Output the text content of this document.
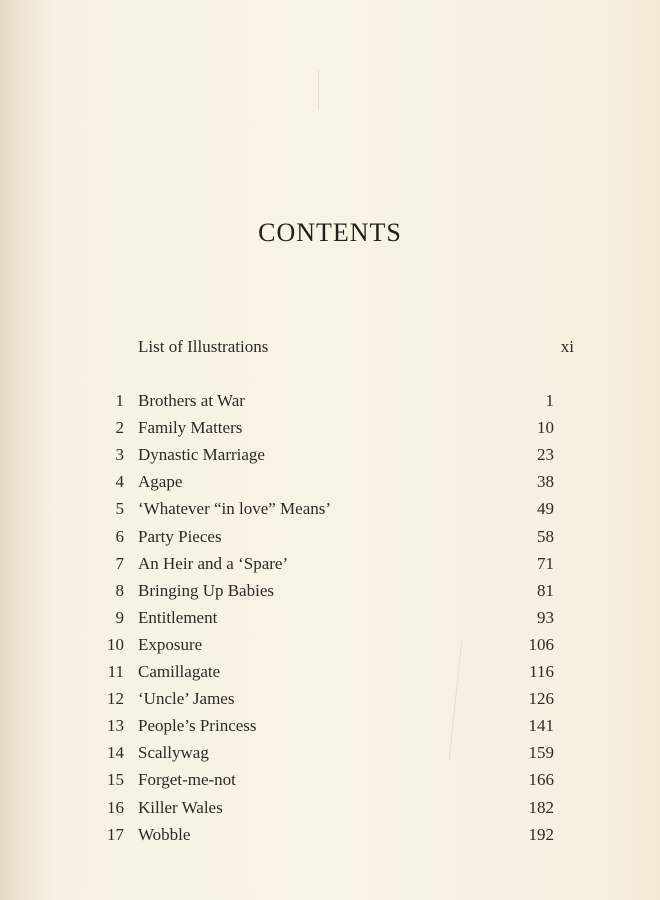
CONTENTS
List of Illustrations	xi
1 Brothers at War	1
2 Family Matters	10
3 Dynastic Marriage	23
4 Agape	38
5 ‘Whatever “in love” Means’	49
6 Party Pieces	58
7 An Heir and a ‘Spare’	71
8 Bringing Up Babies	81
9 Entitlement	93
10 Exposure	106
11 Camillagate	116
12 ‘Uncle’ James	126
13 People’s Princess	141
14 Scallywag	159
15 Forget-me-not	166
16 Killer Wales	182
17 Wobble	192
